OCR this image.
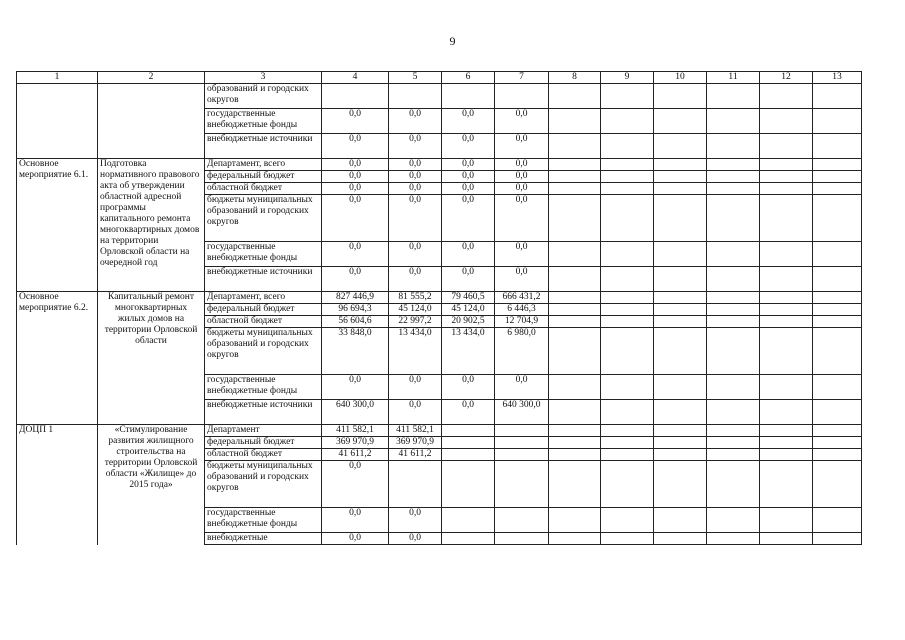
9
1	2	3	4	5	6	7	8	9	10	11	12	13
		образований и городских округов										
		государственные внебюджетные фонды	0,0	0,0	0,0	0,0						
		внебюджетные источники	0,0	0,0	0,0	0,0						
Основное мероприятие 6.1.	Подготовка нормативного правового акта об утверждении областной адресной программы капитального ремонта многоквартирных домов на территории Орловской области на очередной год	Департамент, всего	0,0	0,0	0,0	0,0						
		федеральный бюджет	0,0	0,0	0,0	0,0						
		областной бюджет	0,0	0,0	0,0	0,0						
		бюджеты муниципальных образований и городских округов	0,0	0,0	0,0	0,0						
		государственные внебюджетные фонды	0,0	0,0	0,0	0,0						
		внебюджетные источники	0,0	0,0	0,0	0,0						
Основное мероприятие 6.2.	Капитальный ремонт многоквартирных жилых домов на территории Орловской области	Департамент, всего	827 446,9	81 555,2	79 460,5	666 431,2						
		федеральный бюджет	96 694,3	45 124,0	45 124,0	6 446,3						
		областной бюджет	56 604,6	22 997,2	20 902,5	12 704,9						
		бюджеты муниципальных образований и городских округов	33 848,0	13 434,0	13 434,0	6 980,0						
		государственные внебюджетные фонды	0,0	0,0	0,0	0,0						
		внебюджетные источники	640 300,0	0,0	0,0	640 300,0						
ДОЦП 1	«Стимулирование развития жилищного строительства на территории Орловской области «Жилище» до 2015 года»	Департамент	411 582,1	411 582,1								
		федеральный бюджет	369 970,9	369 970,9								
		областной бюджет	41 611,2	41 611,2								
		бюджеты муниципальных образований и городских округов	0,0									
		государственные внебюджетные фонды	0,0	0,0								
		внебюджетные	0,0	0,0								
